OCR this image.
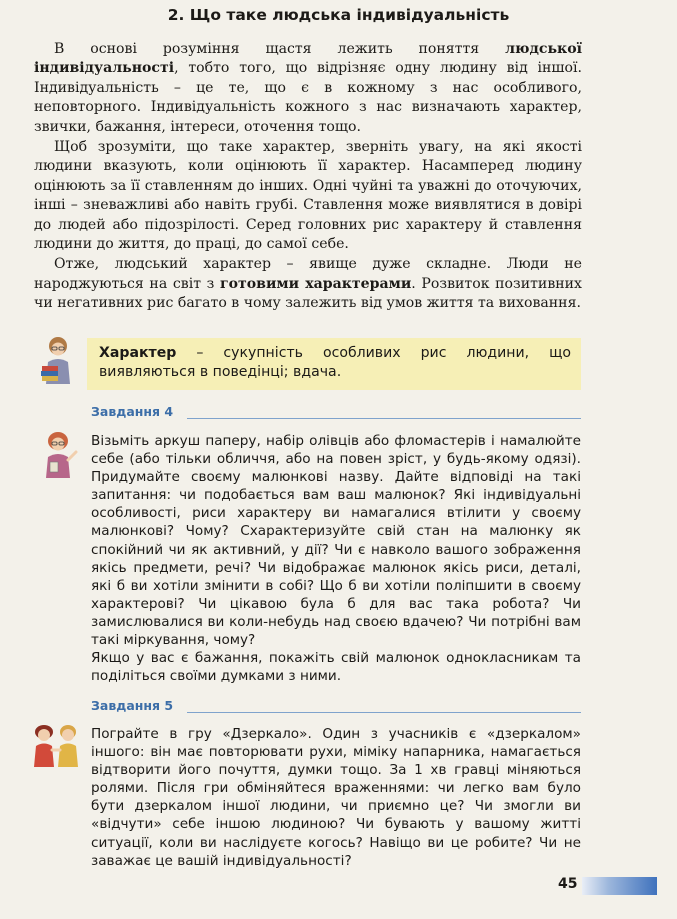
2. Що таке людська індивідуальність

В основі розуміння щастя лежить поняття людської індивідуальності, тобто того, що відрізняє одну людину від іншої. Індивідуальність – це те, що є в кожному з нас особливого, неповторного. Індивідуальність кожного з нас визначають характер, звички, бажання, інтереси, оточення тощо.

Щоб зрозуміти, що таке характер, зверніть увагу, на які якості людини вказують, коли оцінюють її характер. Насамперед людину оцінюють за її ставленням до інших. Одні чуйні та уважні до оточуючих, інші – зневажливі або навіть грубі. Ставлення може виявлятися в довірі до людей або підозрілості. Серед головних рис характеру й ставлення людини до життя, до праці, до самої себе.

Отже, людський характер – явище дуже складне. Люди не народжуються на світ з готовими характерами. Розвиток позитивних чи негативних рис багато в чому залежить від умов життя та виховання.

Характер – сукупність особливих рис людини, що виявляються в поведінці; вдача.
Завдання 4

Візьміть аркуш паперу, набір олівців або фломастерів і намалюйте себе (або тільки обличчя, або на повен зріст, у будь-якому одязі). Придумайте своєму малюнкові назву. Дайте відповіді на такі запитання: чи подобається вам ваш малюнок? Які індивідуальні особливості, риси характеру ви намагалися втілити у своєму малюнкові? Чому? Схарактеризуйте свій стан на малюнку як спокійний чи як активний, у дії? Чи є навколо вашого зображення якісь предмети, речі? Чи відображає малюнок якісь риси, деталі, які б ви хотіли змінити в собі? Що б ви хотіли поліпшити в своєму характерові? Чи цікавою була б для вас така робота? Чи замислювалися ви коли-небудь над своєю вдачею? Чи потрібні вам такі міркування, чому?

Якщо у вас є бажання, покажіть свій малюнок однокласникам та поділіться своїми думками з ними.

Завдання 5

Пограйте в гру «Дзеркало». Один з учасників є «дзеркалом» іншого: він має повторювати рухи, міміку напарника, намагається відтворити його почуття, думки тощо. За 1 хв гравці міняються ролями. Після гри обміняйтеся враженнями: чи легко вам було бути дзеркалом іншої людини, чи приємно це? Чи змогли ви «відчути» себе іншою людиною? Чи бувають у вашому житті ситуації, коли ви наслідуєте когось? Навіщо ви це робите? Чи не заважає це вашій індивідуальності?

45
